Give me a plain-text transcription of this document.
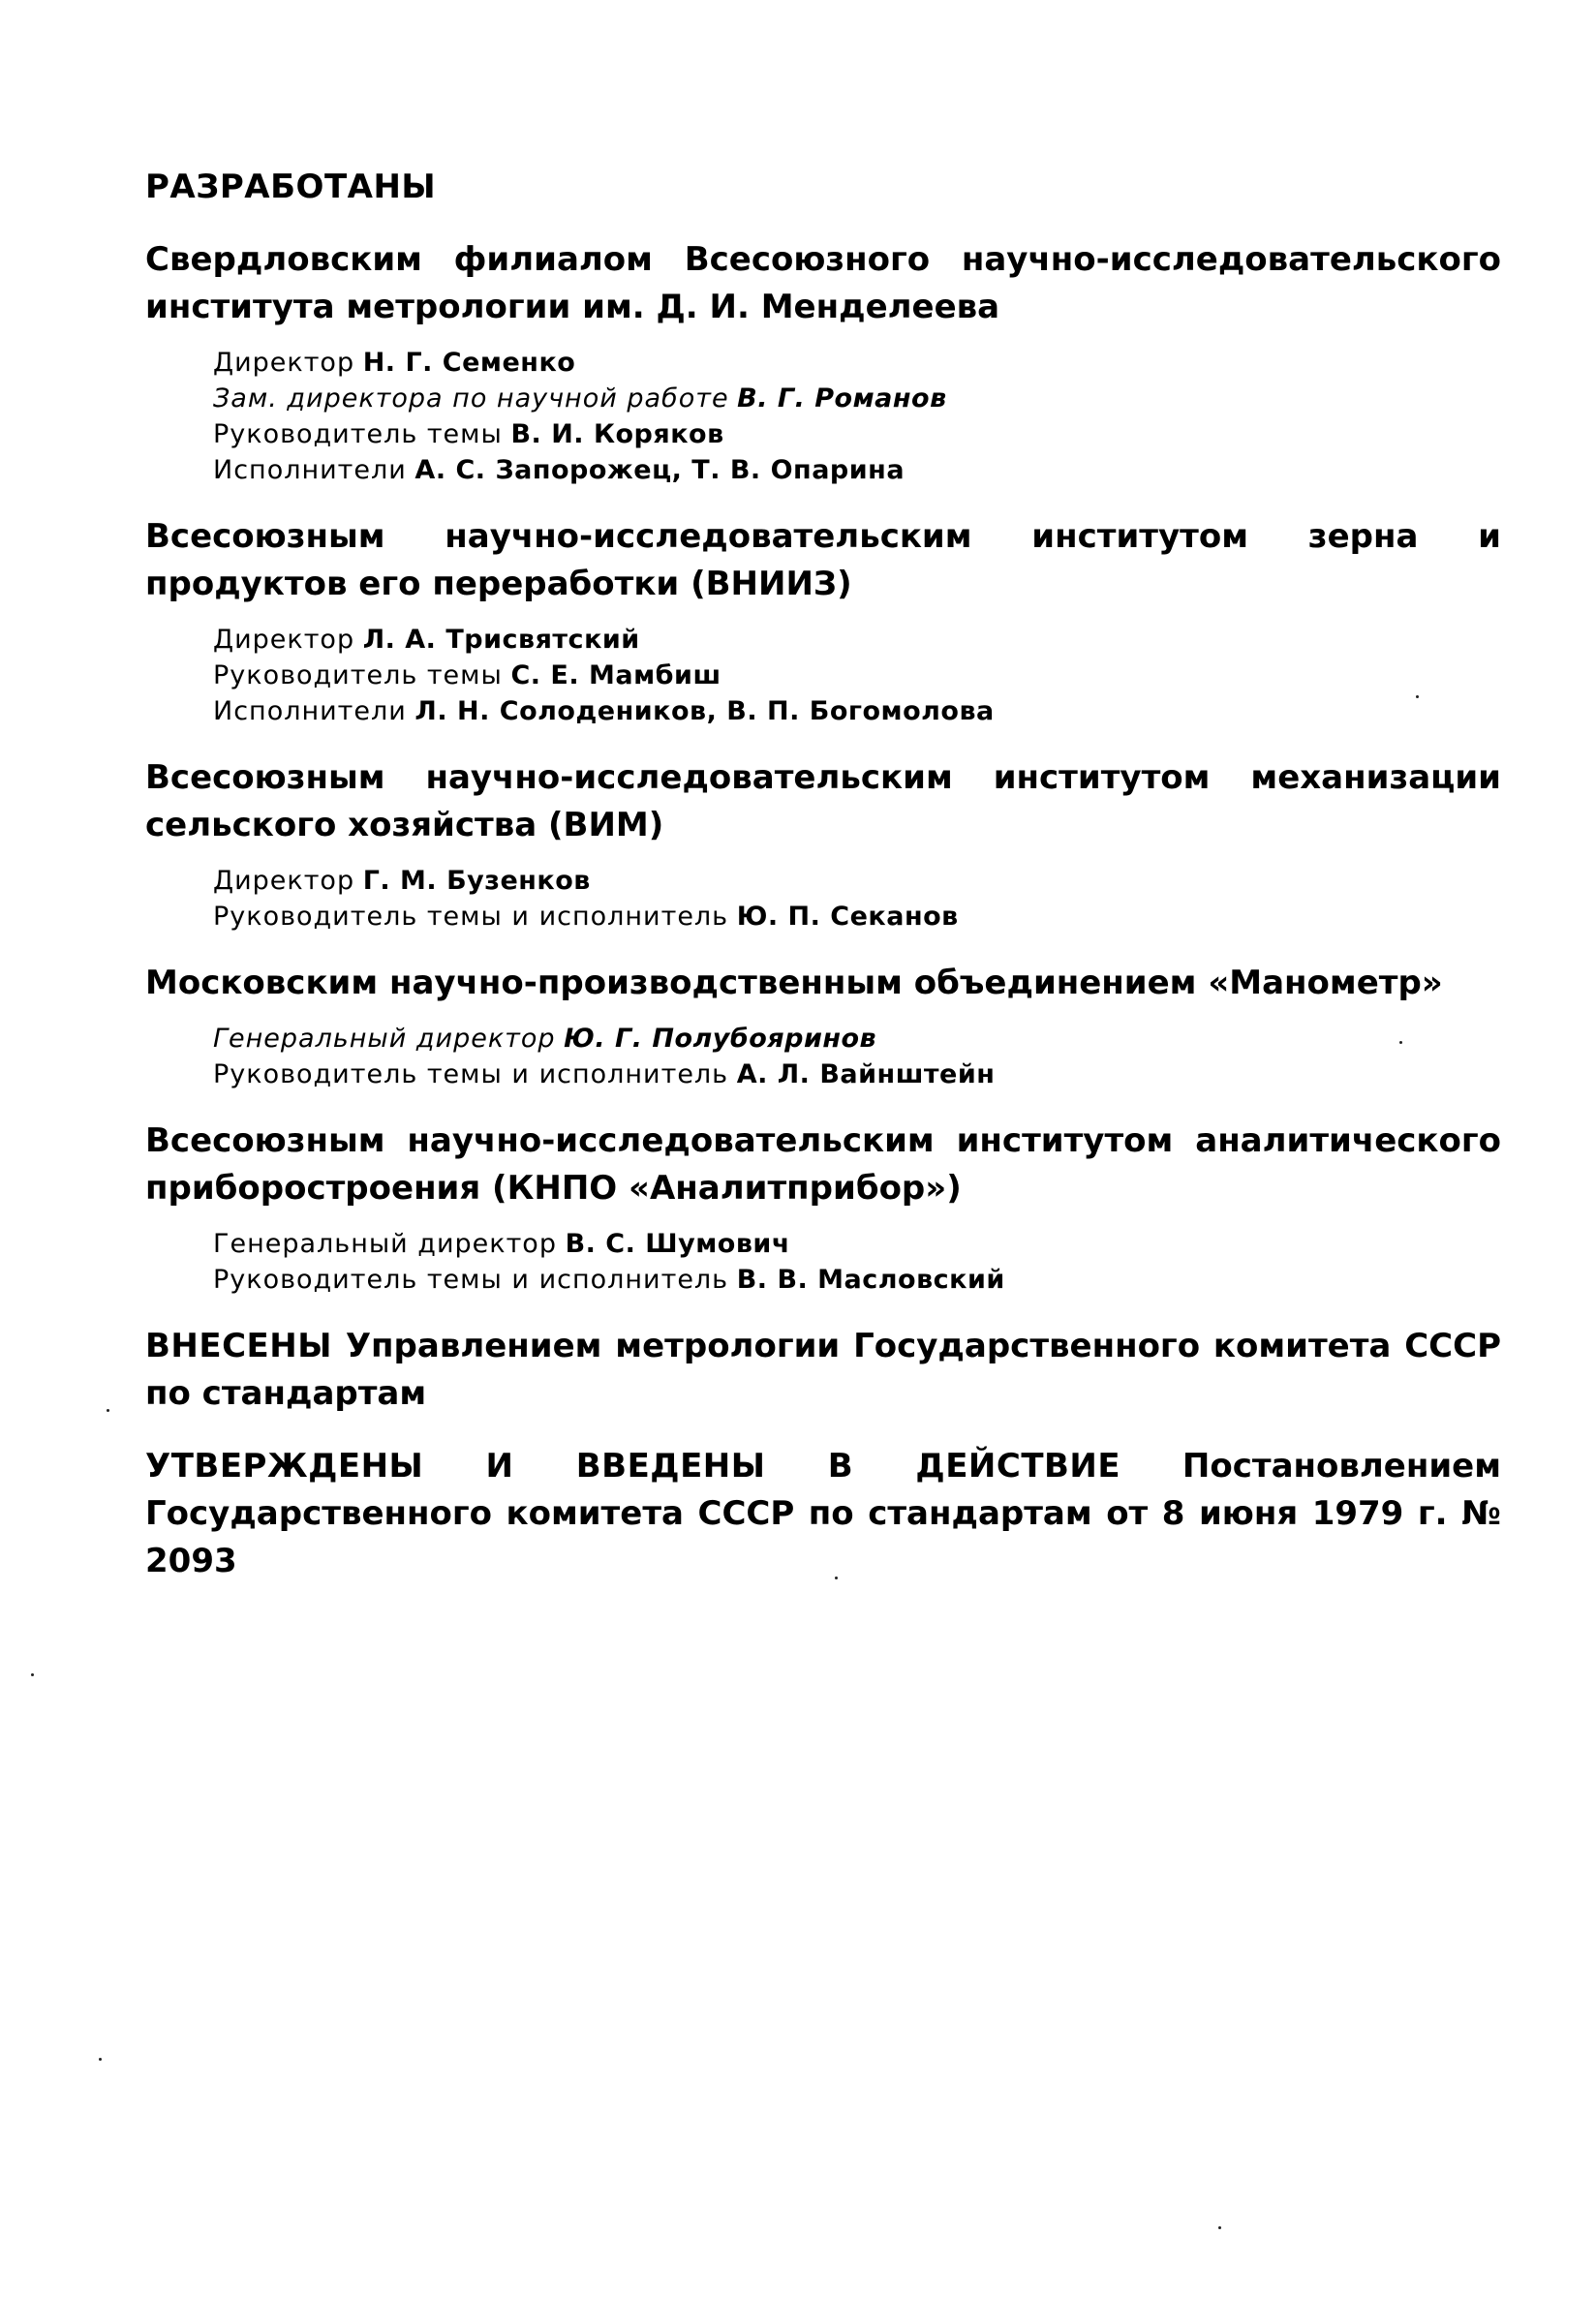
РАЗРАБОТАНЫ

Свердловским филиалом Всесоюзного научно-исследовательского института метрологии им. Д. И. Менделеева

Директор Н. Г. Семенко
Зам. директора по научной работе В. Г. Романов
Руководитель темы В. И. Коряков
Исполнители А. С. Запорожец, Т. В. Опарина

Всесоюзным научно-исследовательским институтом зерна и продуктов его переработки (ВНИИЗ)

Директор Л. А. Трисвятский
Руководитель темы С. Е. Мамбиш
Исполнители Л. Н. Солодеников, В. П. Богомолова

Всесоюзным научно-исследовательским институтом механизации сельского хозяйства (ВИМ)

Директор Г. М. Бузенков
Руководитель темы и исполнитель Ю. П. Секанов

Московским научно-производственным объединением «Манометр»

Генеральный директор Ю. Г. Полубояринов
Руководитель темы и исполнитель А. Л. Вайнштейн

Всесоюзным научно-исследовательским институтом аналитического приборостроения (КНПО «Аналитприбор»)

Генеральный директор В. С. Шумович
Руководитель темы и исполнитель В. В. Масловский

ВНЕСЕНЫ Управлением метрологии Государственного комитета СССР по стандартам

УТВЕРЖДЕНЫ И ВВЕДЕНЫ В ДЕЙСТВИЕ Постановлением Государственного комитета СССР по стандартам от 8 июня 1979 г. № 2093
